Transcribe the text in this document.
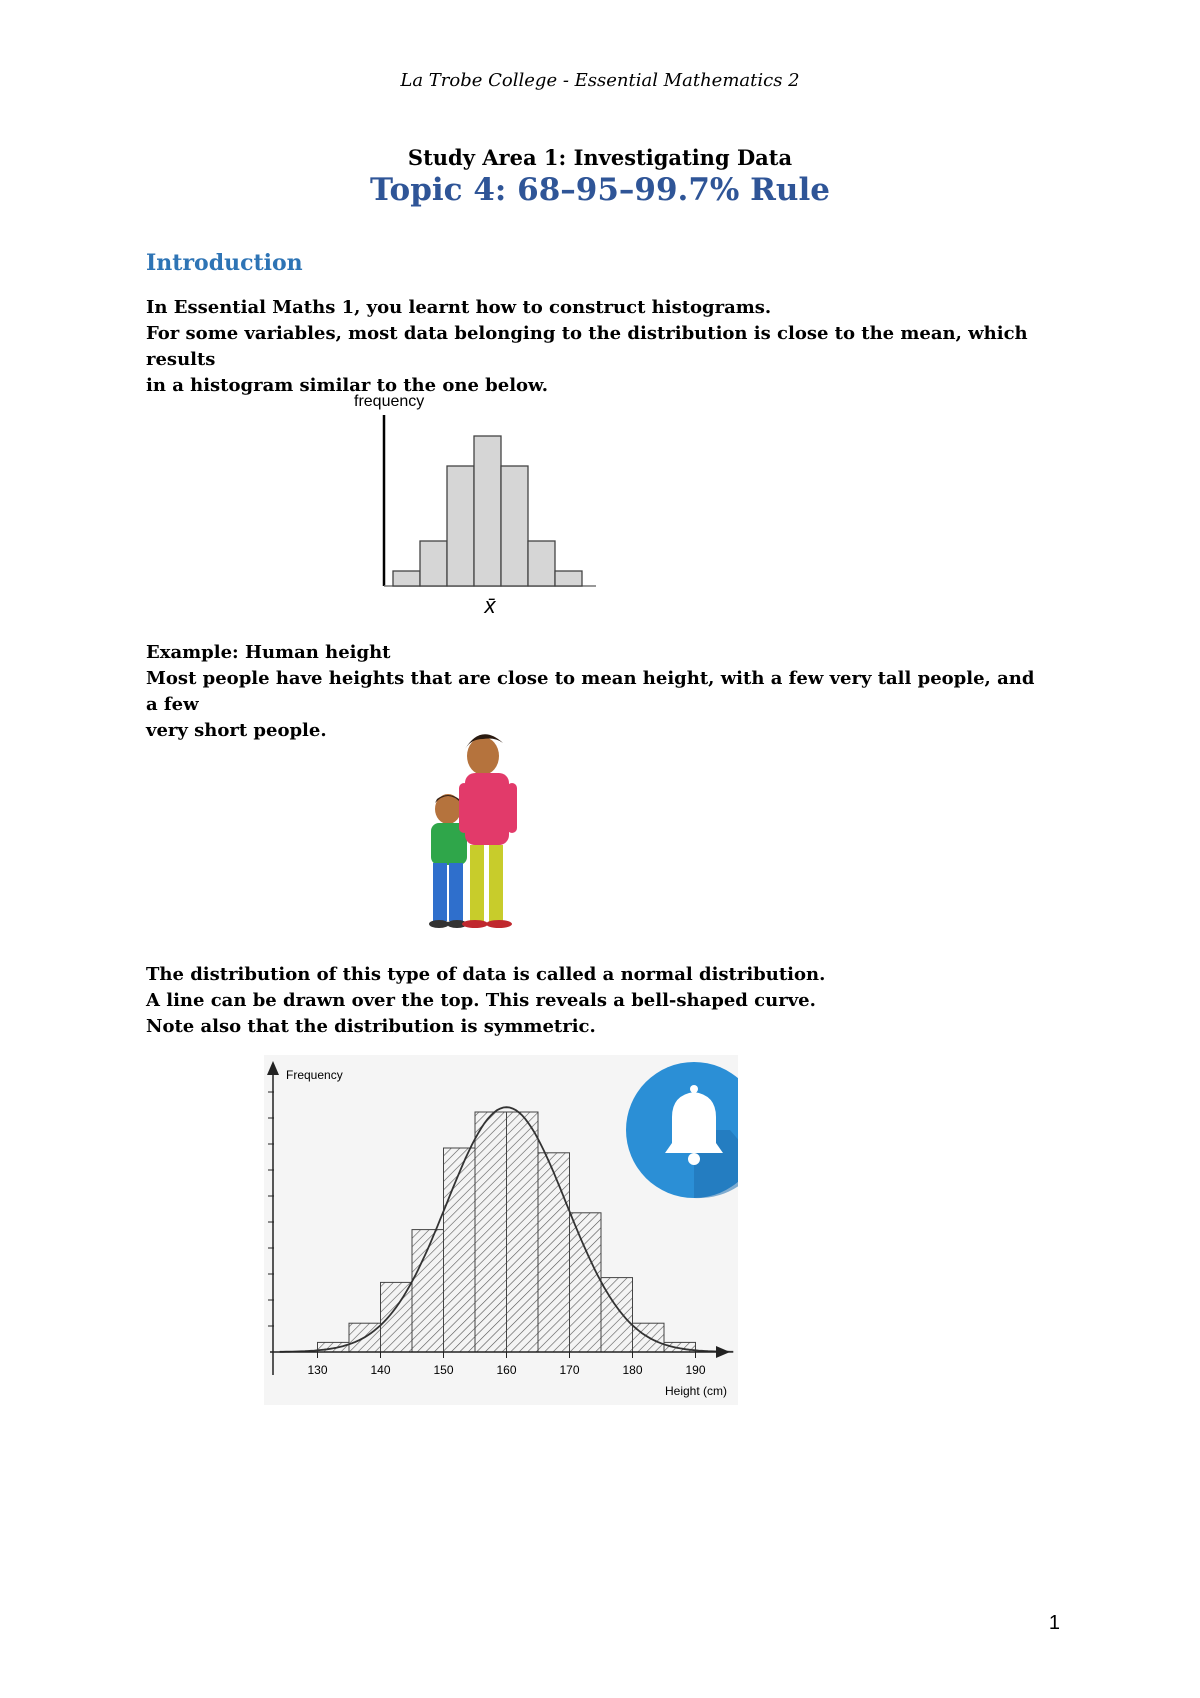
La Trobe College - Essential Mathematics 2
Study Area 1: Investigating Data
Topic 4: 68–95–99.7% Rule
Introduction

In Essential Maths 1, you learnt how to construct histograms.

For some variables, most data belonging to the distribution is close to the mean, which results

in a histogram similar to the one below.

frequency
x̄

Example: Human height

Most people have heights that are close to mean height, with a few very tall people, and a few

very short people.

The distribution of this type of data is called a normal distribution.

A line can be drawn over the top. This reveals a bell-shaped curve.

Note also that the distribution is symmetric.

130	140	150	160	170	180	190
Frequency
Height (cm)
1
